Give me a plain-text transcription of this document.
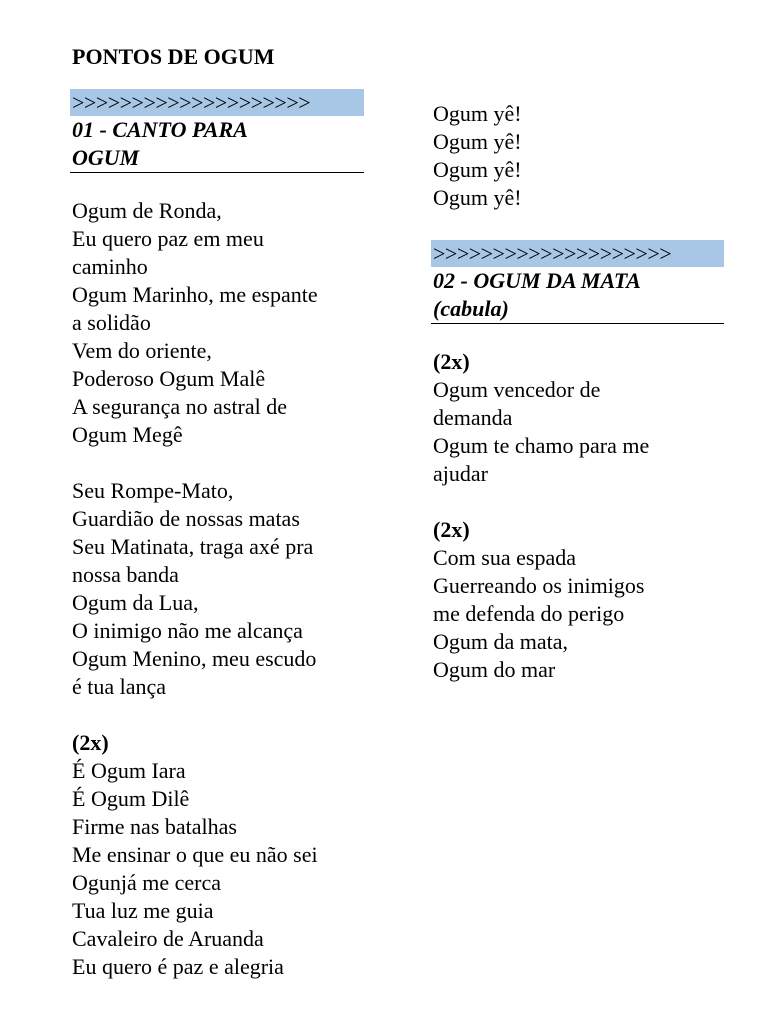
PONTOS DE OGUM
>>>>>>>>>>>>>>>>>>>>
01 - CANTO PARA
OGUM
Ogum de Ronda,
Eu quero paz em meu
caminho
Ogum Marinho, me espante
a solidão
Vem do oriente,
Poderoso Ogum Malê
A segurança no astral de
Ogum Megê
Seu Rompe-Mato,
Guardião de nossas matas
Seu Matinata, traga axé pra
nossa banda
Ogum da Lua,
O inimigo não me alcança
Ogum Menino, meu escudo
é tua lança
(2x)
É Ogum Iara
É Ogum Dilê
Firme nas batalhas
Me ensinar o que eu não sei
Ogunjá me cerca
Tua luz me guia
Cavaleiro de Aruanda
Eu quero é paz e alegria
Ogum yê!
Ogum yê!
Ogum yê!
Ogum yê!
>>>>>>>>>>>>>>>>>>>>
02 - OGUM DA MATA
(cabula)
(2x)
Ogum vencedor de
demanda
Ogum te chamo para me
ajudar
(2x)
Com sua espada
Guerreando os inimigos
me defenda do perigo
Ogum da mata,
Ogum do mar
